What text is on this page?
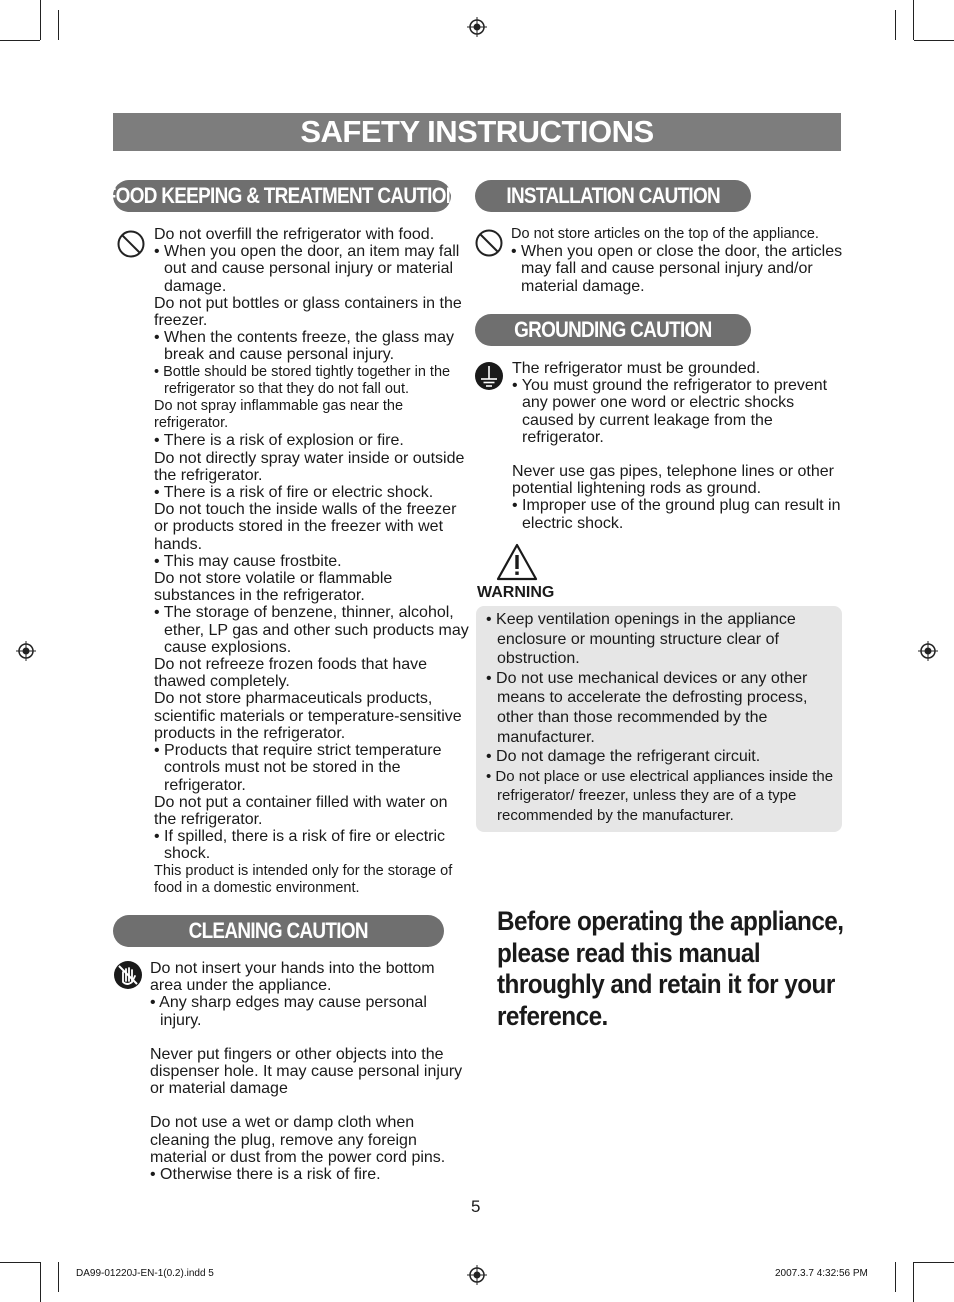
SAFETY INSTRUCTIONS
FOOD KEEPING & TREATMENT CAUTION

Do not overfill the refrigerator with food.

• When you open the door, an item may fall out and cause personal injury or material damage.

Do not put bottles or glass containers in the freezer.

• When the contents freeze, the glass may break and cause personal injury.

• Bottle should be stored tightly together in the refrigerator so that they do not fall out.

Do not spray inflammable gas near the refrigerator.

• There is a risk of explosion or fire.

Do not directly spray water inside or outside the refrigerator.

• There is a risk of fire or electric shock.

Do not touch the inside walls of the freezer or products stored in the freezer with wet hands.

• This may cause frostbite.

Do not store volatile or flammable substances in the refrigerator.

• The storage of benzene, thinner, alcohol, ether, LP gas and other such products may cause explosions.

Do not refreeze frozen foods that have thawed completely.

Do not store pharmaceuticals products, scientific materials or temperature-sensitive products in the refrigerator.

• Products that require strict temperature controls must not be stored in the refrigerator.

Do not put a container filled with water on the refrigerator.

• If spilled, there is a risk of fire or electric shock.

This product is intended only for the storage of food in a domestic environment.

INSTALLATION CAUTION

Do not store articles on the top of the appliance.

• When you open or close the door, the articles may fall and cause personal injury and/or material damage.

GROUNDING CAUTION

The refrigerator must be grounded.

• You must ground the refrigerator to prevent any power one word or electric shocks caused by current leakage from the refrigerator.

Never use gas pipes, telephone lines or other potential lightening rods as ground.

• Improper use of the ground plug can result in electric shock.

WARNING
• Keep ventilation openings in the appliance enclosure or mounting structure clear of obstruction.
• Do not use mechanical devices or any other means to accelerate the defrosting process, other than those recommended by the manufacturer.
• Do not damage the refrigerant circuit.
• Do not place or use electrical appliances inside the refrigerator/ freezer, unless they are of a type recommended by the manufacturer.
CLEANING CAUTION

Do not insert your hands into the bottom area under the appliance.

• Any sharp edges may cause personal injury.

Never put fingers or other objects into the dispenser hole. It may cause personal injury or material damage

Do not use a wet or damp cloth when cleaning the plug, remove any foreign material or dust from the power cord pins.

• Otherwise there is a risk of fire.

Before operating the appliance,
please read this manual
throughly and retain it for your
reference.
5
DA99-01220J-EN-1(0.2).indd 5	2007.3.7 4:32:56 PM
